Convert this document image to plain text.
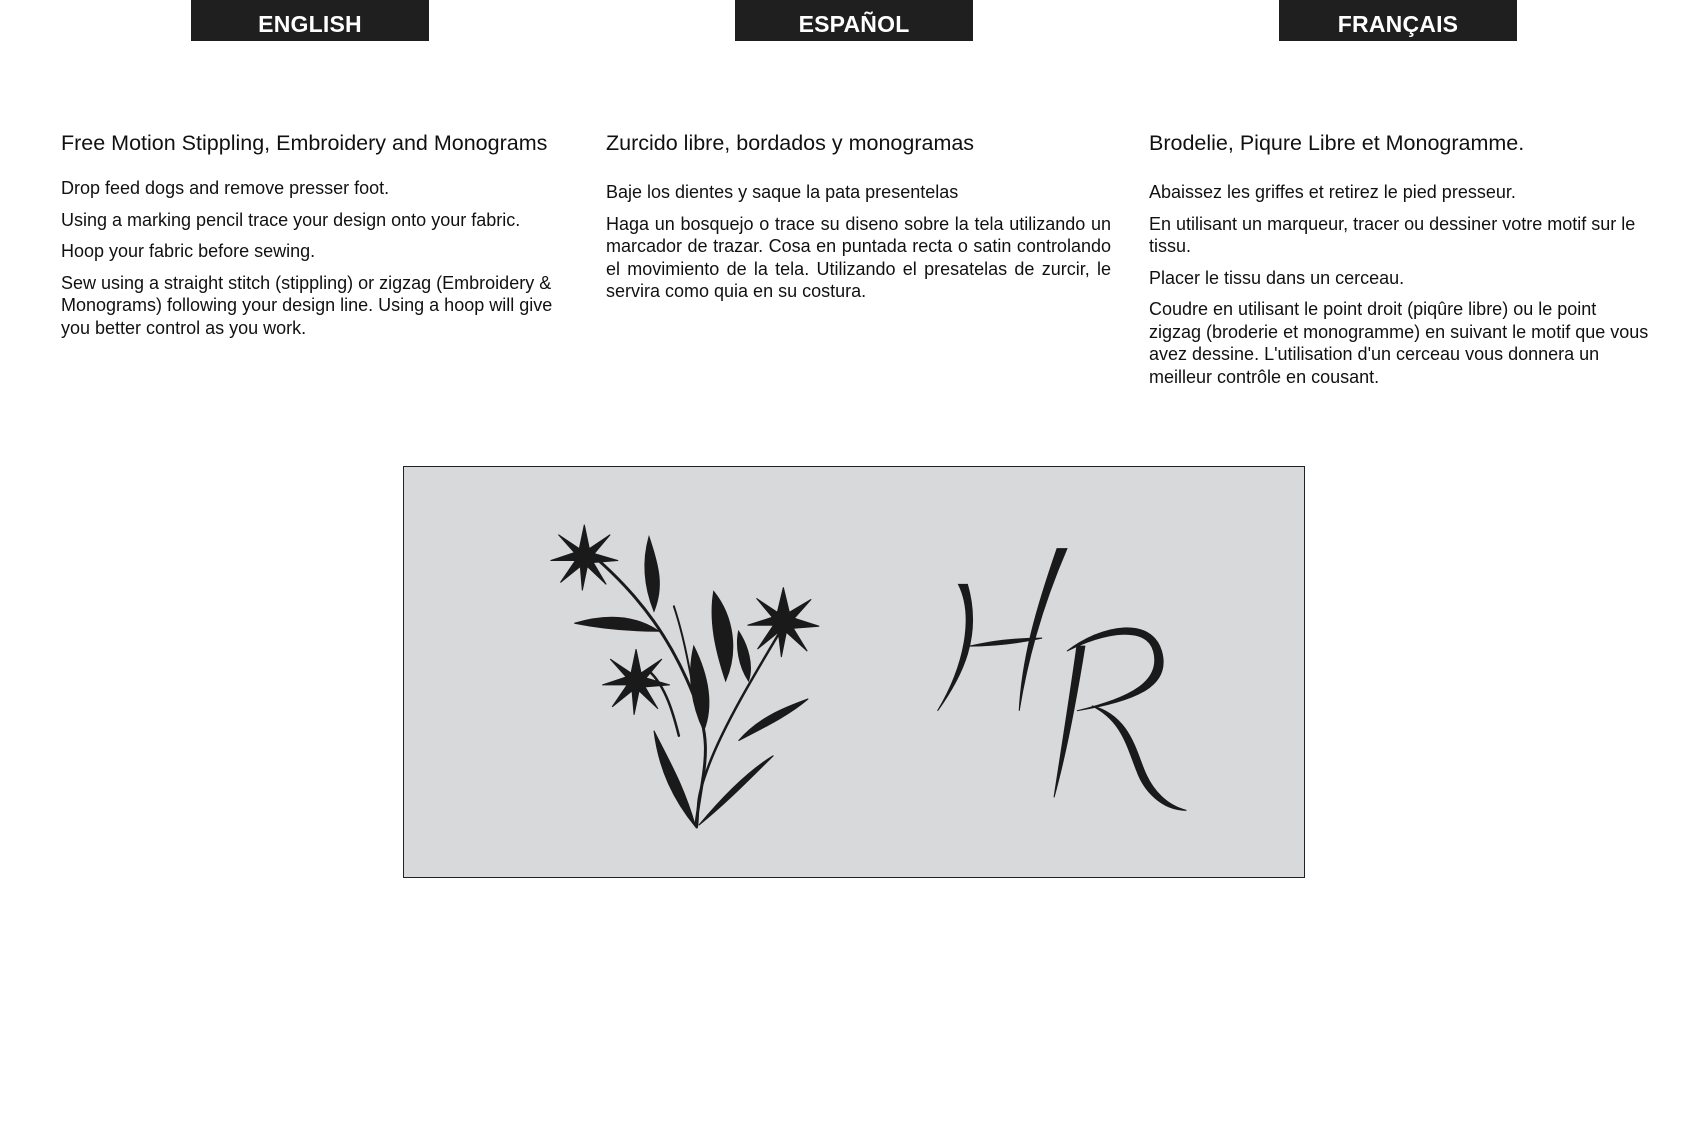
ENGLISH	ESPAÑOL	FRANÇAIS
Free Motion Stippling, Embroidery and Monograms
Drop feed dogs and remove presser foot.
Using a marking pencil trace your design onto your fabric.
Hoop your fabric before sewing.
Sew using a straight stitch (stippling) or zigzag (Embroidery & Monograms) following your design line. Using a hoop will give you better control as you work.
Zurcido libre, bordados y monogramas
Baje los dientes y saque la pata presentelas
Haga un bosquejo o trace su diseno sobre la tela utilizando un marcador de trazar. Cosa en puntada recta o satin controlando el movimiento de la tela. Utilizando el presatelas de zurcir, le servira como quia en su costura.
Brodelie, Piqure Libre et Monogramme.
Abaissez les griffes et retirez le pied presseur.
En utilisant un marqueur, tracer ou dessiner votre motif sur le tissu.
Placer le tissu dans un cerceau.
Coudre en utilisant le point droit (piqûre libre) ou le point zigzag (broderie et monogramme) en suivant le motif que vous avez dessine. L'utilisation d'un cerceau vous donnera un meilleur contrôle en cousant.
